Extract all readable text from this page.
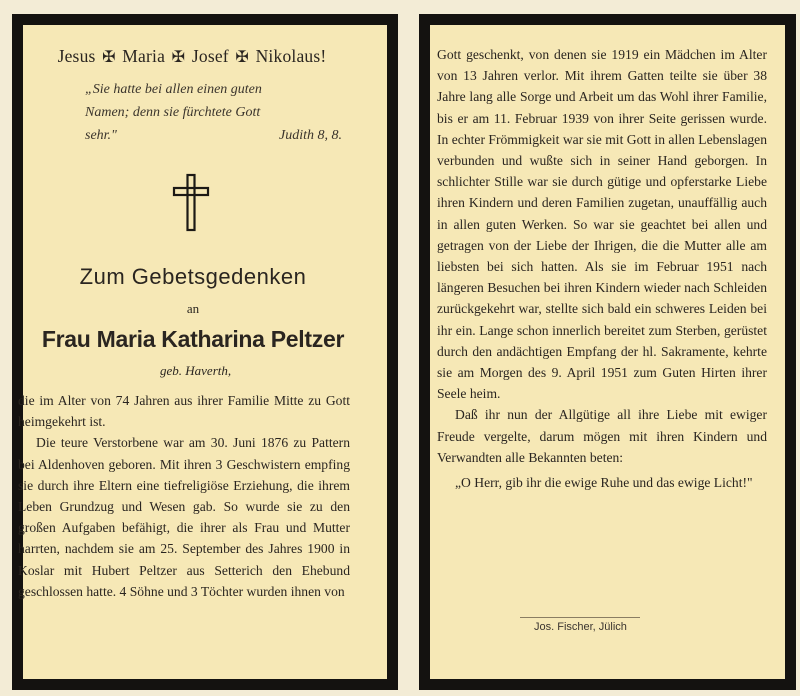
Jesus ✠ Maria ✠ Josef ✠ Nikolaus!
„Sie hatte bei allen einen guten
Namen; denn sie fürchtete Gott
sehr."	Judith 8, 8.
Zum Gebetsgedenken
an
Frau Maria Katharina Peltzer
geb. Haverth,

die im Alter von 74 Jahren aus ihrer Familie Mitte zu Gott heimgekehrt ist.

Die teure Verstorbene war am 30. Juni 1876 zu Pattern bei Aldenhoven geboren. Mit ihren 3 Geschwistern empfing sie durch ihre Eltern eine tiefreligiöse Erziehung, die ihrem Leben Grundzug und Wesen gab. So wurde sie zu den großen Aufgaben befähigt, die ihrer als Frau und Mutter harrten, nachdem sie am 25. September des Jahres 1900 in Koslar mit Hubert Peltzer aus Setterich den Ehebund geschlossen hatte. 4 Söhne und 3 Töchter wurden ihnen von

Gott geschenkt, von denen sie 1919 ein Mädchen im Alter von 13 Jahren verlor. Mit ihrem Gatten teilte sie über 38 Jahre lang alle Sorge und Arbeit um das Wohl ihrer Familie, bis er am 11. Februar 1939 von ihrer Seite gerissen wurde. In echter Frömmigkeit war sie mit Gott in allen Lebenslagen verbunden und wußte sich in seiner Hand geborgen. In schlichter Stille war sie durch gütige und opferstarke Liebe ihren Kindern und deren Familien zugetan, unauffällig auch in allen guten Werken. So war sie geachtet bei allen und getragen von der Liebe der Ihrigen, die die Mutter alle am liebsten bei sich hatten. Als sie im Februar 1951 nach längeren Besuchen bei ihren Kindern wieder nach Schleiden zurückgekehrt war, stellte sich bald ein schweres Leiden bei ihr ein. Lange schon innerlich bereitet zum Sterben, gerüstet durch den andächtigen Empfang der hl. Sakramente, kehrte sie am Morgen des 9. April 1951 zum Guten Hirten ihrer Seele heim.

Daß ihr nun der Allgütige all ihre Liebe mit ewiger Freude vergelte, darum mögen mit ihren Kindern und Verwandten alle Bekannten beten:

„O Herr, gib ihr die ewige Ruhe und das ewige Licht!"

Jos. Fischer, Jülich
